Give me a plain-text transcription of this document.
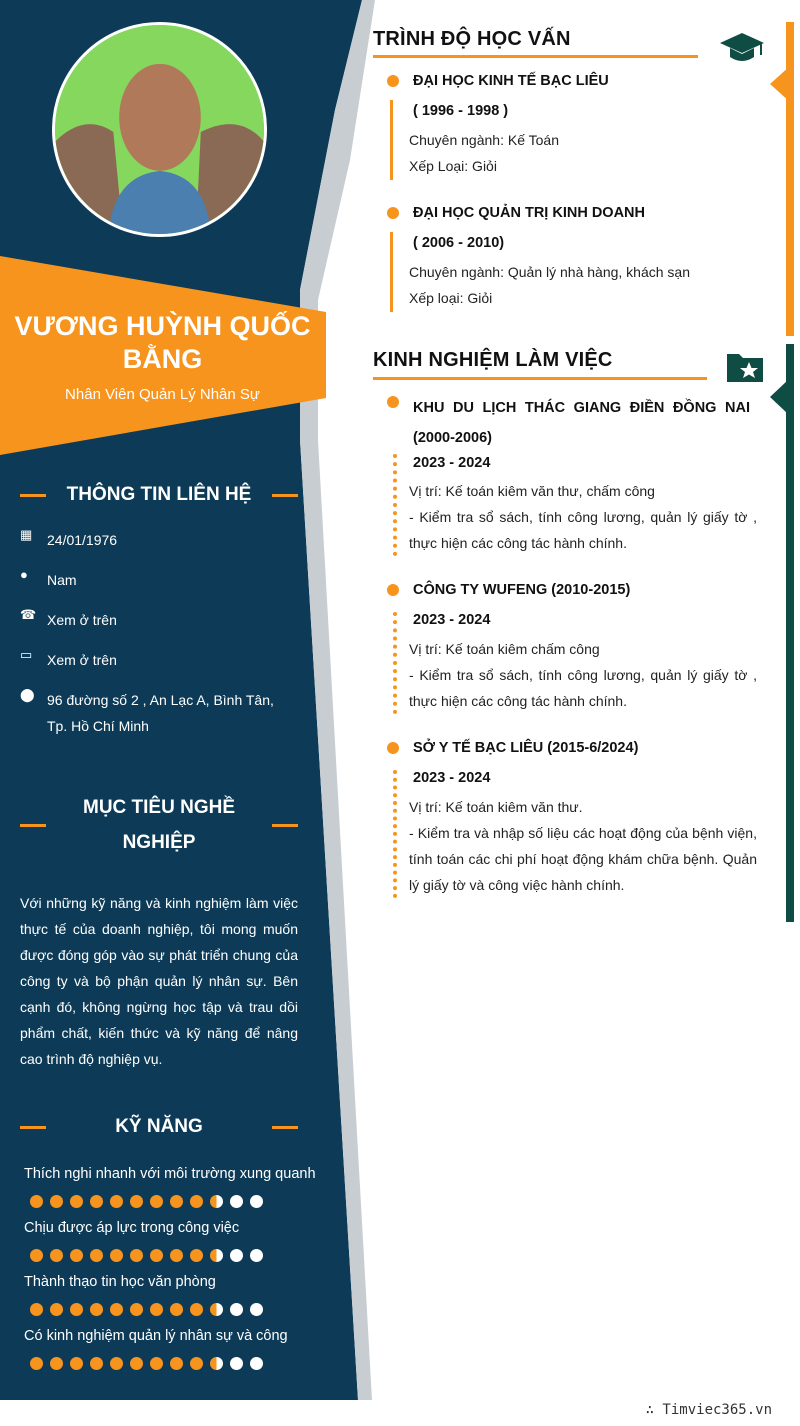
VƯƠNG HUỲNH QUỐC BẰNG
Nhân Viên Quản Lý Nhân Sự
THÔNG TIN LIÊN HỆ
▦	24/01/1976
●	Nam
☎ Xem ở trên
▭	Xem ở trên
⬤ 96 đường số 2 , An Lạc A, Bình Tân, Tp. Hồ Chí Minh
MỤC TIÊU NGHỀ NGHIỆP
Với những kỹ năng và kinh nghiệm làm việc thực tế của doanh nghiệp, tôi mong muốn được đóng góp vào sự phát triển chung của công ty và bộ phận quản lý nhân sự. Bên cạnh đó, không ngừng học tập và trau dồi phẩm chất, kiến thức và kỹ năng để nâng cao trình độ nghiệp vụ.
KỸ NĂNG
Thích nghi nhanh với môi trường xung quanh
Chịu được áp lực trong công việc
Thành thạo tin học văn phòng
Có kinh nghiệm quản lý nhân sự và công
TRÌNH ĐỘ HỌC VẤN
ĐẠI HỌC KINH TẾ BẠC LIÊU
( 1996 - 1998 )
Chuyên ngành: Kế Toán
Xếp Loại: Giỏi
ĐẠI HỌC QUẢN TRỊ KINH DOANH
( 2006 - 2010)
Chuyên ngành: Quản lý nhà hàng, khách sạn
Xếp loại: Giỏi
KINH NGHIỆM LÀM VIỆC
KHU DU LỊCH THÁC GIANG ĐIỀN ĐỒNG NAI (2000-2006)
2023 - 2024
Vị trí: Kế toán kiêm văn thư, chấm công
- Kiểm tra sổ sách, tính công lương, quản lý giấy tờ , thực hiện các công tác hành chính.
CÔNG TY WUFENG (2010-2015)
2023 - 2024
Vị trí: Kế toán kiêm chấm công
- Kiểm tra sổ sách, tính công lương, quản lý giấy tờ , thực hiện các công tác hành chính.
SỞ Y TẾ BẠC LIÊU (2015-6/2024)
2023 - 2024
Vị trí: Kế toán kiêm văn thư.
- Kiểm tra và nhập số liệu các hoạt động của bệnh viện, tính toán các chi phí hoạt động khám chữa bệnh. Quản lý giấy tờ và công việc hành chính.
∴ Timviec365.vn
